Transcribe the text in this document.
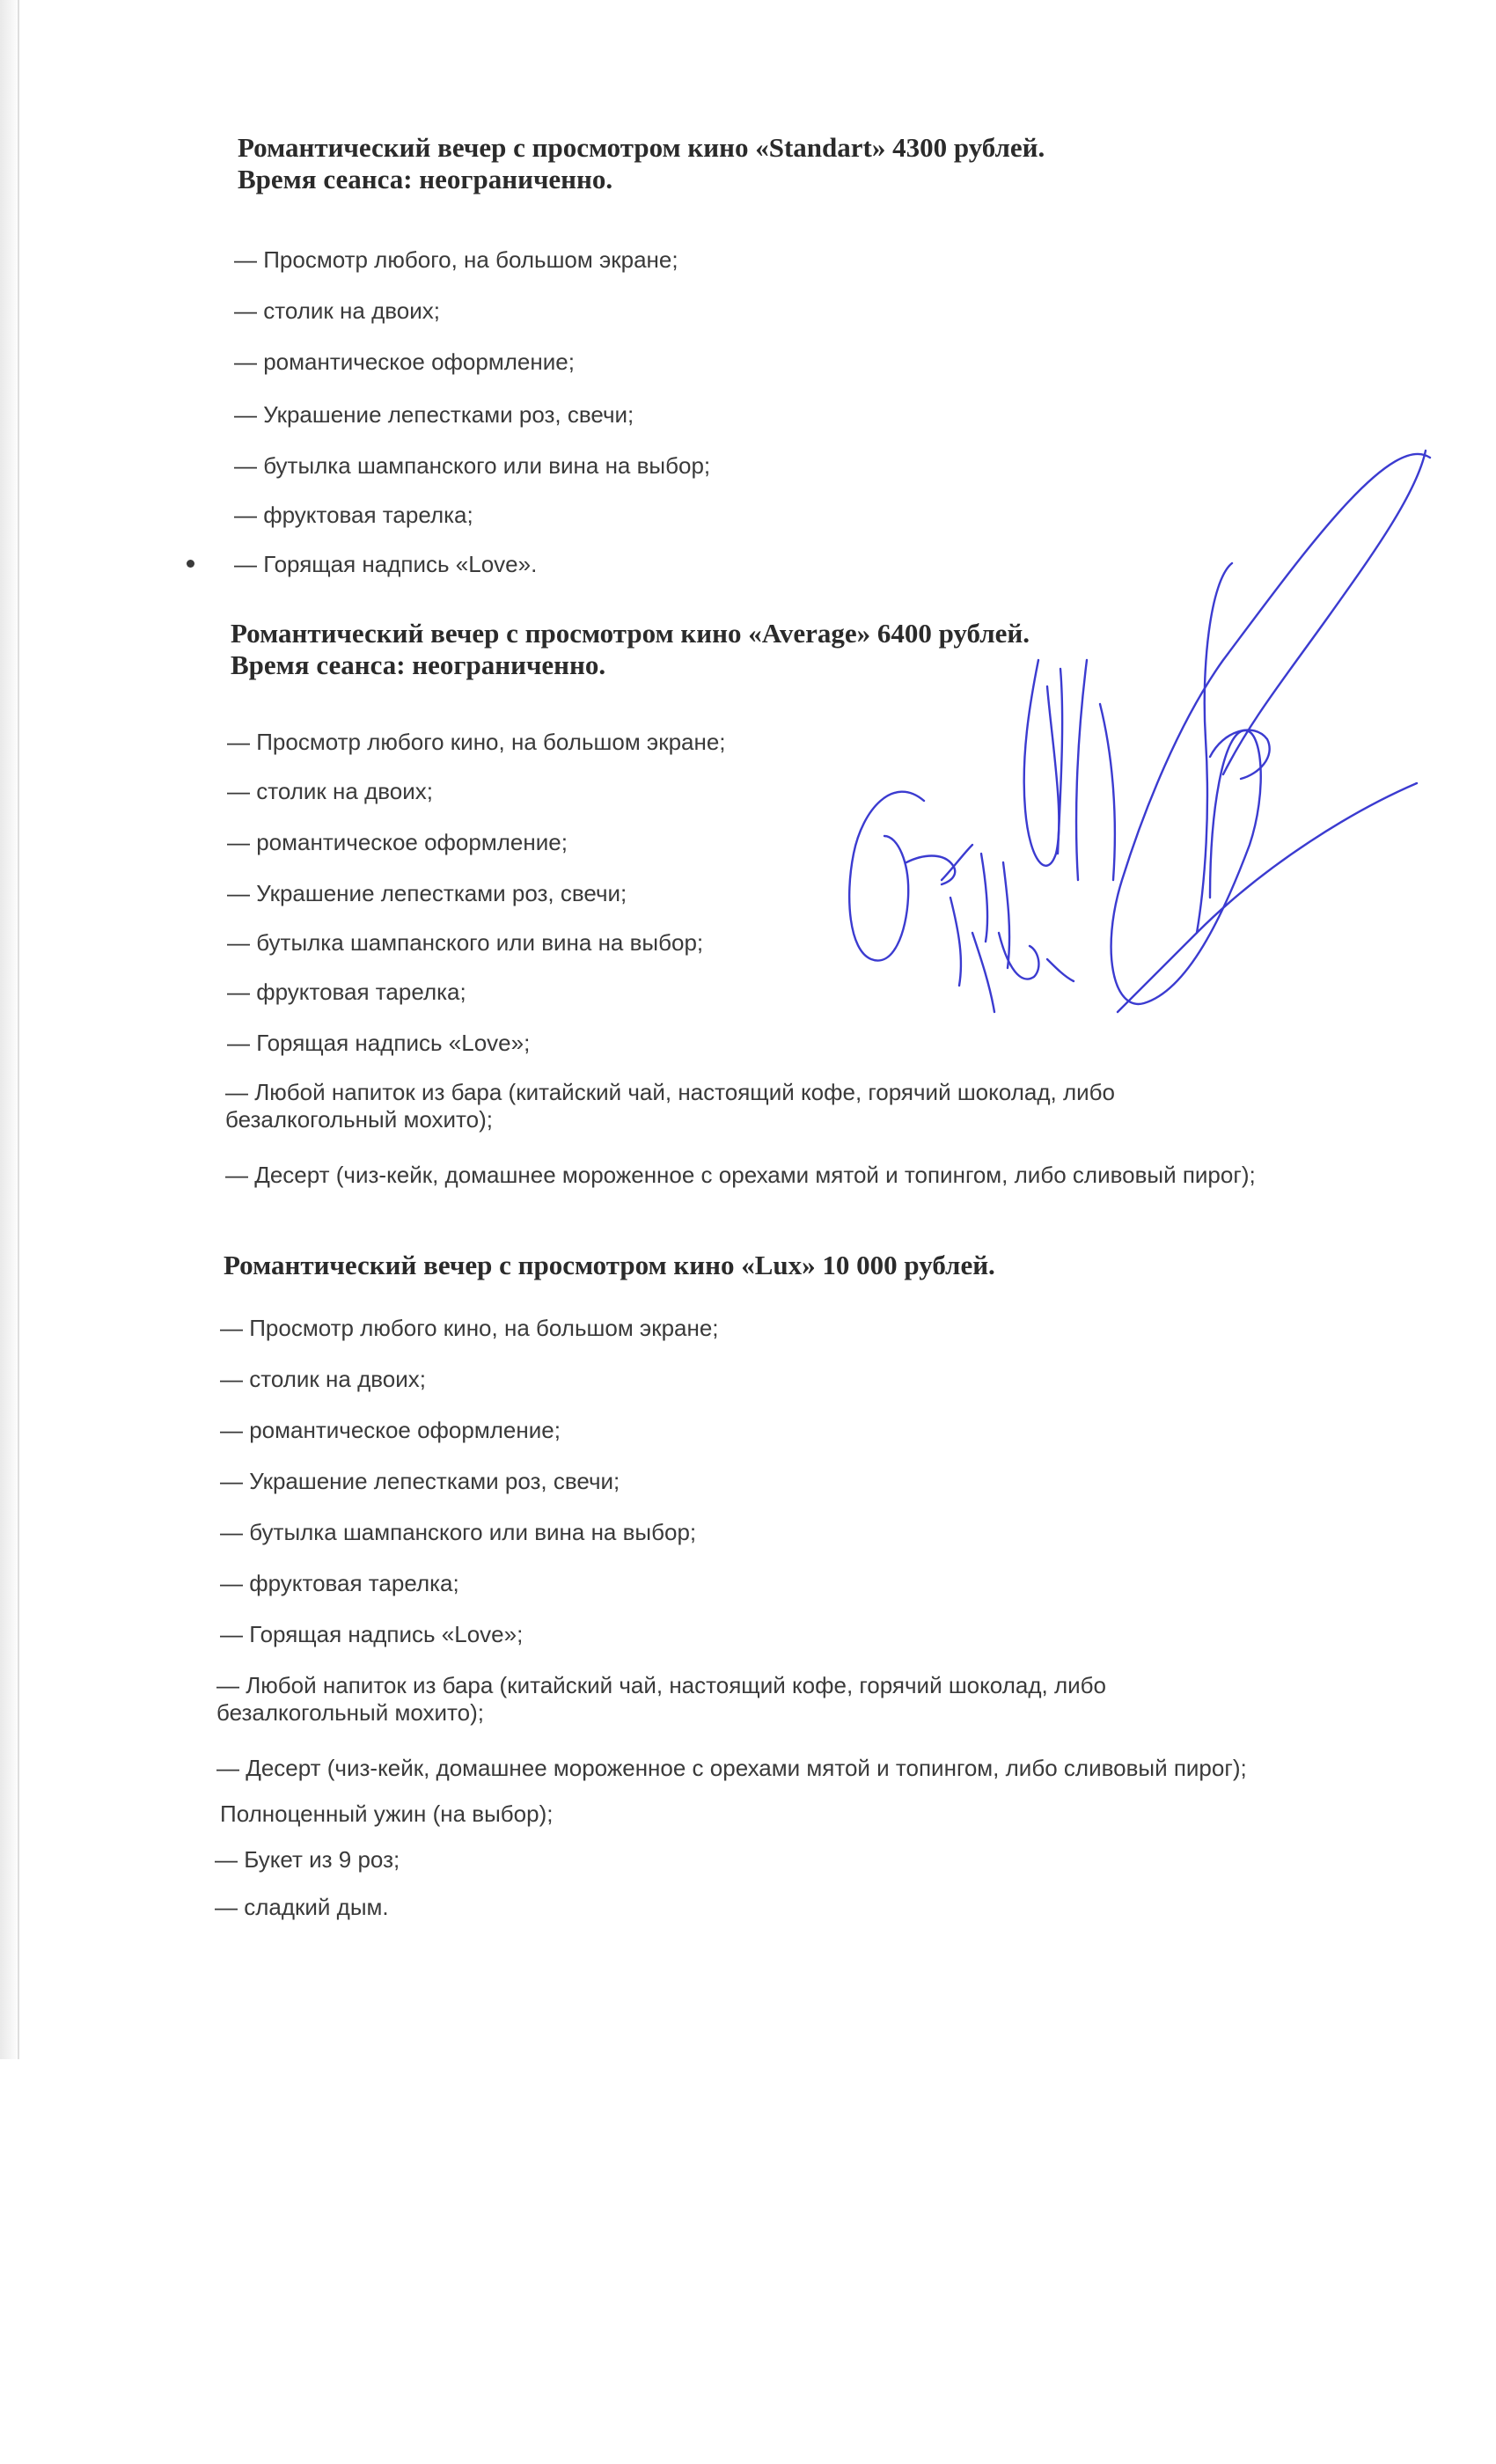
Романтический вечер с просмотром кино «Standart» 4300 рублей.
Время сеанса: неограниченно.
— Просмотр любого, на большом экране;
— столик на двоих;
— романтическое оформление;
— Украшение лепестками роз, свечи;
— бутылка шампанского или вина на выбор;
— фруктовая тарелка;
— Горящая надпись «Love».
Романтический вечер с просмотром кино «Average» 6400 рублей.
Время сеанса: неограниченно.
— Просмотр любого кино, на большом экране;
— столик на двоих;
— романтическое оформление;
— Украшение лепестками роз, свечи;
— бутылка шампанского или вина на выбор;
— фруктовая тарелка;
— Горящая надпись «Love»;
— Любой напиток из бара (китайский чай, настоящий кофе, горячий шоколад, либо безалкогольный мохито);
— Десерт (чиз-кейк, домашнее мороженное с орехами мятой и топингом, либо сливовый пирог);
Романтический вечер с просмотром кино «Lux» 10 000 рублей.
— Просмотр любого кино, на большом экране;
— столик на двоих;
— романтическое оформление;
— Украшение лепестками роз, свечи;
— бутылка шампанского или вина на выбор;
— фруктовая тарелка;
— Горящая надпись «Love»;
— Любой напиток из бара (китайский чай, настоящий кофе, горячий шоколад, либо безалкогольный мохито);
— Десерт (чиз-кейк, домашнее мороженное с орехами мятой и топингом, либо сливовый пирог);
Полноценный ужин (на выбор);
— Букет из 9 роз;
— сладкий дым.
